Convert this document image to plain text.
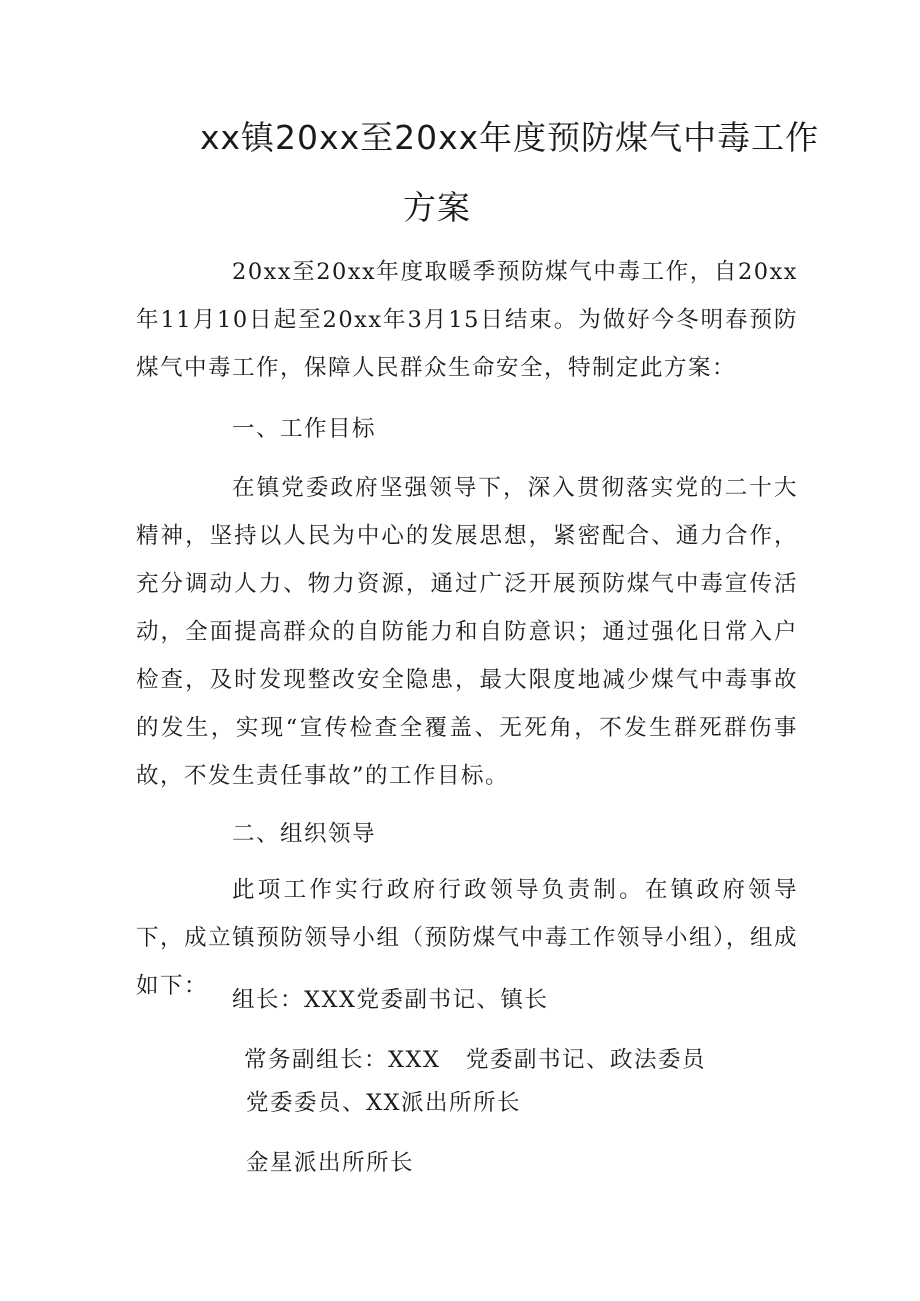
xx镇20xx至20xx年度预防煤气中毒工作
方案

20xx至20xx年度取暖季预防煤气中毒工作，自20xx年11月10日起至20xx年3月15日结束。为做好今冬明春预防煤气中毒工作，保障人民群众生命安全，特制定此方案：

一、工作目标

在镇党委政府坚强领导下，深入贯彻落实党的二十大精神，坚持以人民为中心的发展思想，紧密配合、通力合作，充分调动人力、物力资源，通过广泛开展预防煤气中毒宣传活动，全面提高群众的自防能力和自防意识；通过强化日常入户检查，及时发现整改安全隐患，最大限度地减少煤气中毒事故的发生，实现“宣传检查全覆盖、无死角，不发生群死群伤事故，不发生责任事故”的工作目标。

二、组织领导

此项工作实行政府行政领导负责制。在镇政府领导下，成立镇预防领导小组（预防煤气中毒工作领导小组），组成如下：

组长：XXX党委副书记、镇长

常务副组长：XXX 党委副书记、政法委员

党委委员、XX派出所所长

金星派出所所长
